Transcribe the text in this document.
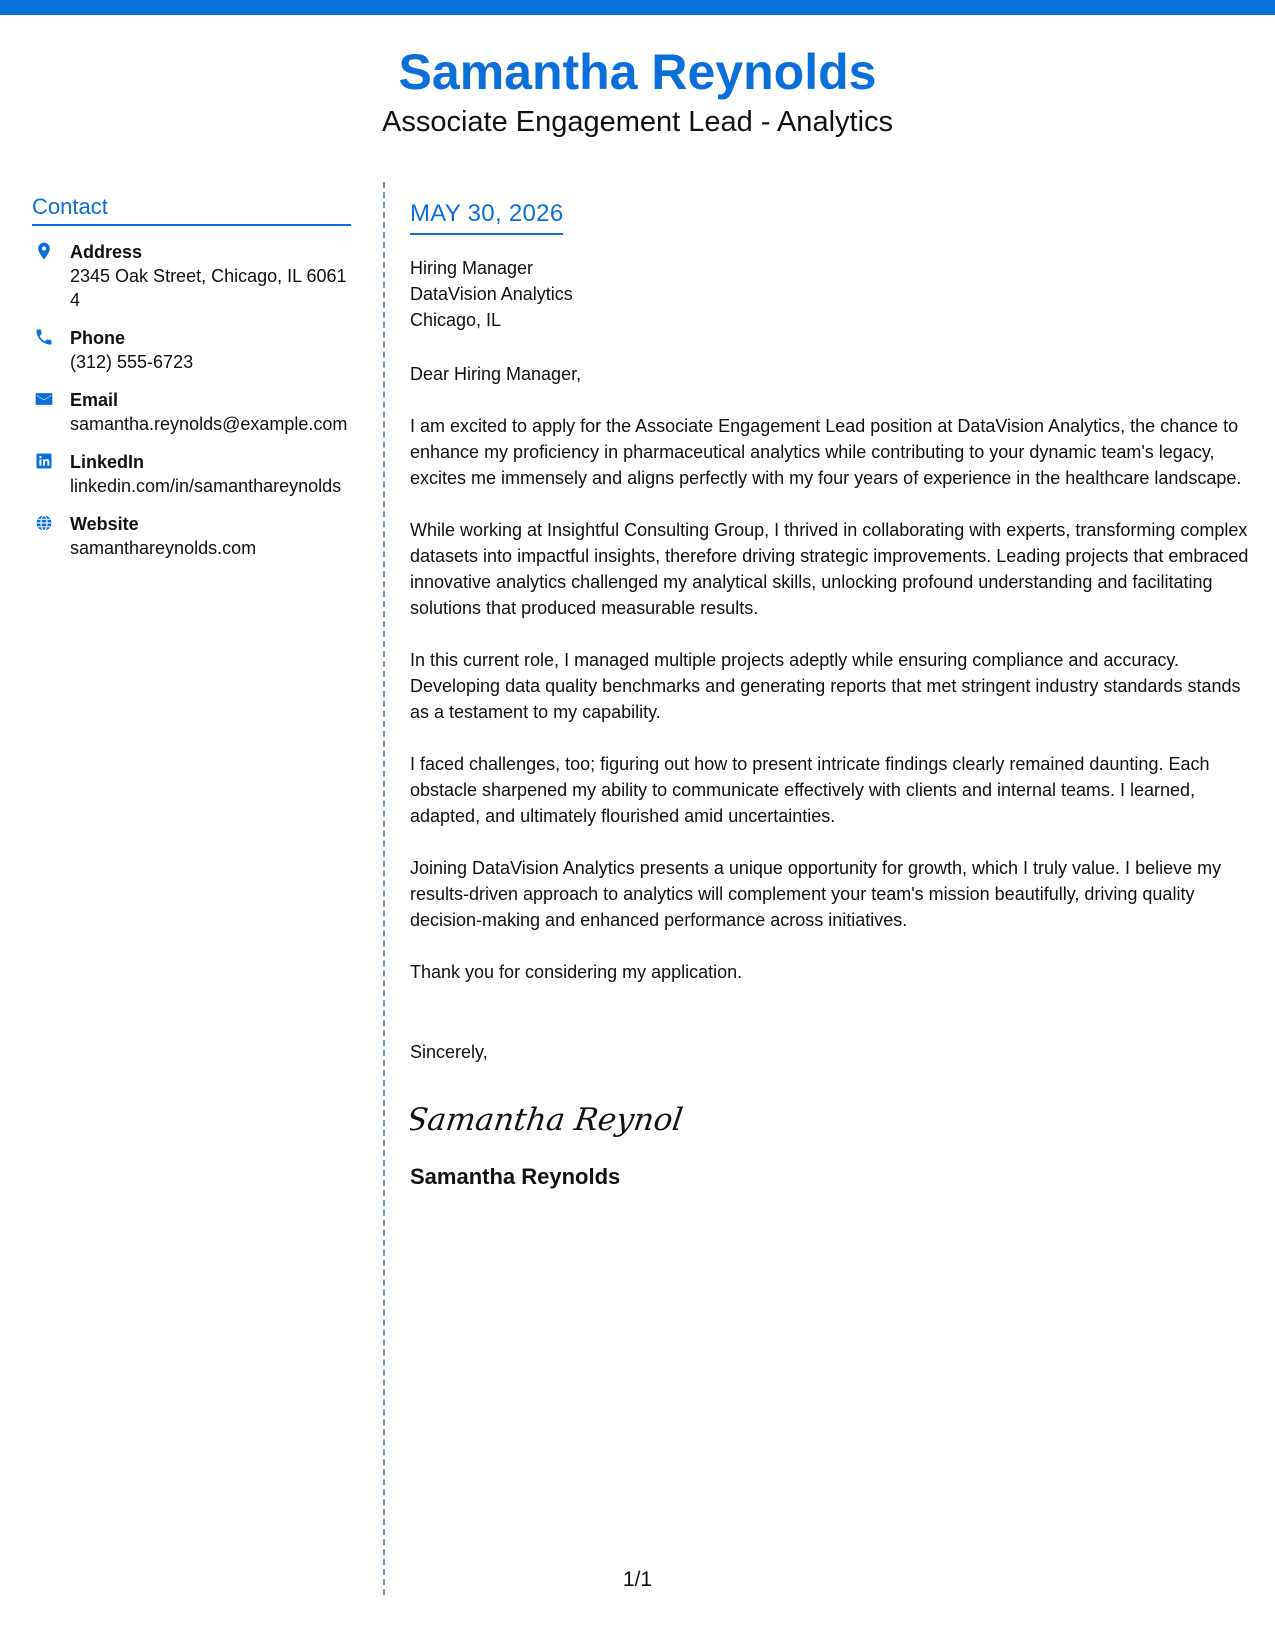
Samantha Reynolds
Associate Engagement Lead - Analytics
Contact
Address
2345 Oak Street, Chicago, IL 60614
Phone
(312) 555-6723
Email
samantha.reynolds@example.com
LinkedIn
linkedin.com/in/samanthareynolds
Website
samanthareynolds.com
MAY 30, 2026
Hiring Manager
DataVision Analytics
Chicago, IL
Dear Hiring Manager,
I am excited to apply for the Associate Engagement Lead position at DataVision Analytics, the chance to enhance my proficiency in pharmaceutical analytics while contributing to your dynamic team's legacy, excites me immensely and aligns perfectly with my four years of experience in the healthcare landscape.
While working at Insightful Consulting Group, I thrived in collaborating with experts, transforming complex datasets into impactful insights, therefore driving strategic improvements. Leading projects that embraced innovative analytics challenged my analytical skills, unlocking profound understanding and facilitating solutions that produced measurable results.
In this current role, I managed multiple projects adeptly while ensuring compliance and accuracy. Developing data quality benchmarks and generating reports that met stringent industry standards stands as a testament to my capability.
I faced challenges, too; figuring out how to present intricate findings clearly remained daunting. Each obstacle sharpened my ability to communicate effectively with clients and internal teams. I learned, adapted, and ultimately flourished amid uncertainties.
Joining DataVision Analytics presents a unique opportunity for growth, which I truly value. I believe my results-driven approach to analytics will complement your team's mission beautifully, driving quality decision-making and enhanced performance across initiatives.
Thank you for considering my application.
Sincerely,
Samantha Reynol
Samantha Reynolds
1/1
